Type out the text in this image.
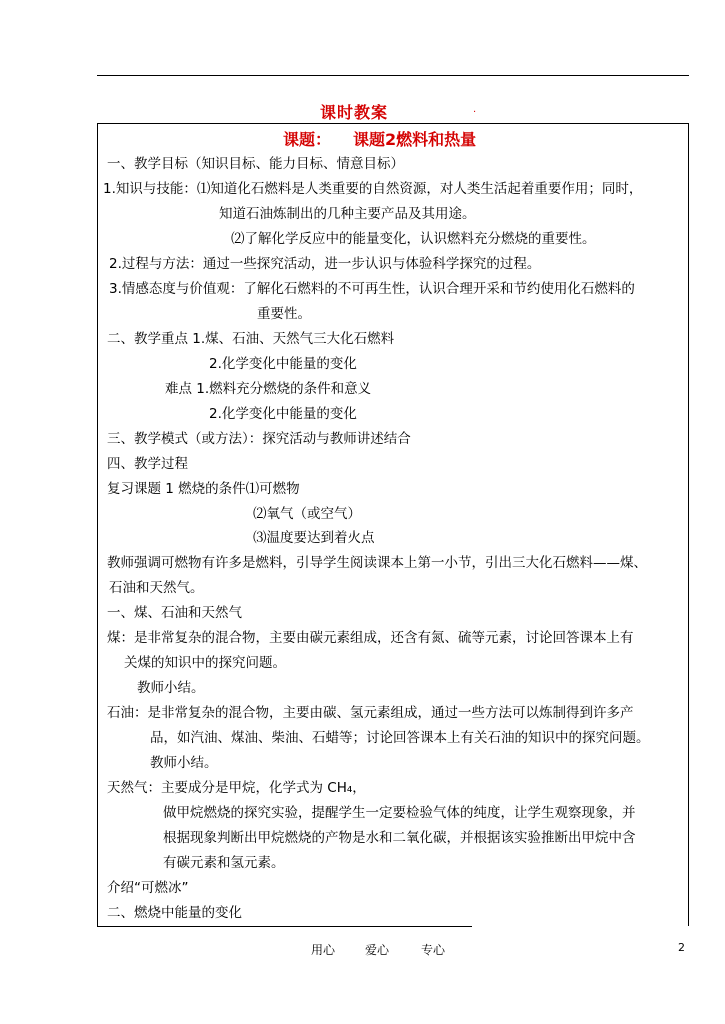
课时教案	.
课题： 课题2燃料和热量
一、教学目标（知识目标、能力目标、情意目标）
1.知识与技能：⑴知道化石燃料是人类重要的自然资源，对人类生活起着重要作用；同时，
知道石油炼制出的几种主要产品及其用途。
⑵了解化学反应中的能量变化，认识燃料充分燃烧的重要性。
2.过程与方法：通过一些探究活动，进一步认识与体验科学探究的过程。
3.情感态度与价值观：了解化石燃料的不可再生性，认识合理开采和节约使用化石燃料的
重要性。
二、教学重点 1.煤、石油、天然气三大化石燃料
2.化学变化中能量的变化
难点 1.燃料充分燃烧的条件和意义
2.化学变化中能量的变化
三、教学模式（或方法）：探究活动与教师讲述结合
四、教学过程
复习课题 1 燃烧的条件⑴可燃物
⑵氧气（或空气）
⑶温度要达到着火点
教师强调可燃物有许多是燃料，引导学生阅读课本上第一小节，引出三大化石燃料——煤、
石油和天然气。
一、煤、石油和天然气
煤：是非常复杂的混合物，主要由碳元素组成，还含有氮、硫等元素，讨论回答课本上有
关煤的知识中的探究问题。
教师小结。
石油：是非常复杂的混合物，主要由碳、氢元素组成，通过一些方法可以炼制得到许多产
品，如汽油、煤油、柴油、石蜡等；讨论回答课本上有关石油的知识中的探究问题。
教师小结。
天然气：主要成分是甲烷，化学式为 CH₄，
做甲烷燃烧的探究实验，提醒学生一定要检验气体的纯度，让学生观察现象，并
根据现象判断出甲烷燃烧的产物是水和二氧化碳，并根据该实验推断出甲烷中含
有碳元素和氢元素。
介绍“可燃冰”
二、燃烧中能量的变化
用心 爱心	专心	2
